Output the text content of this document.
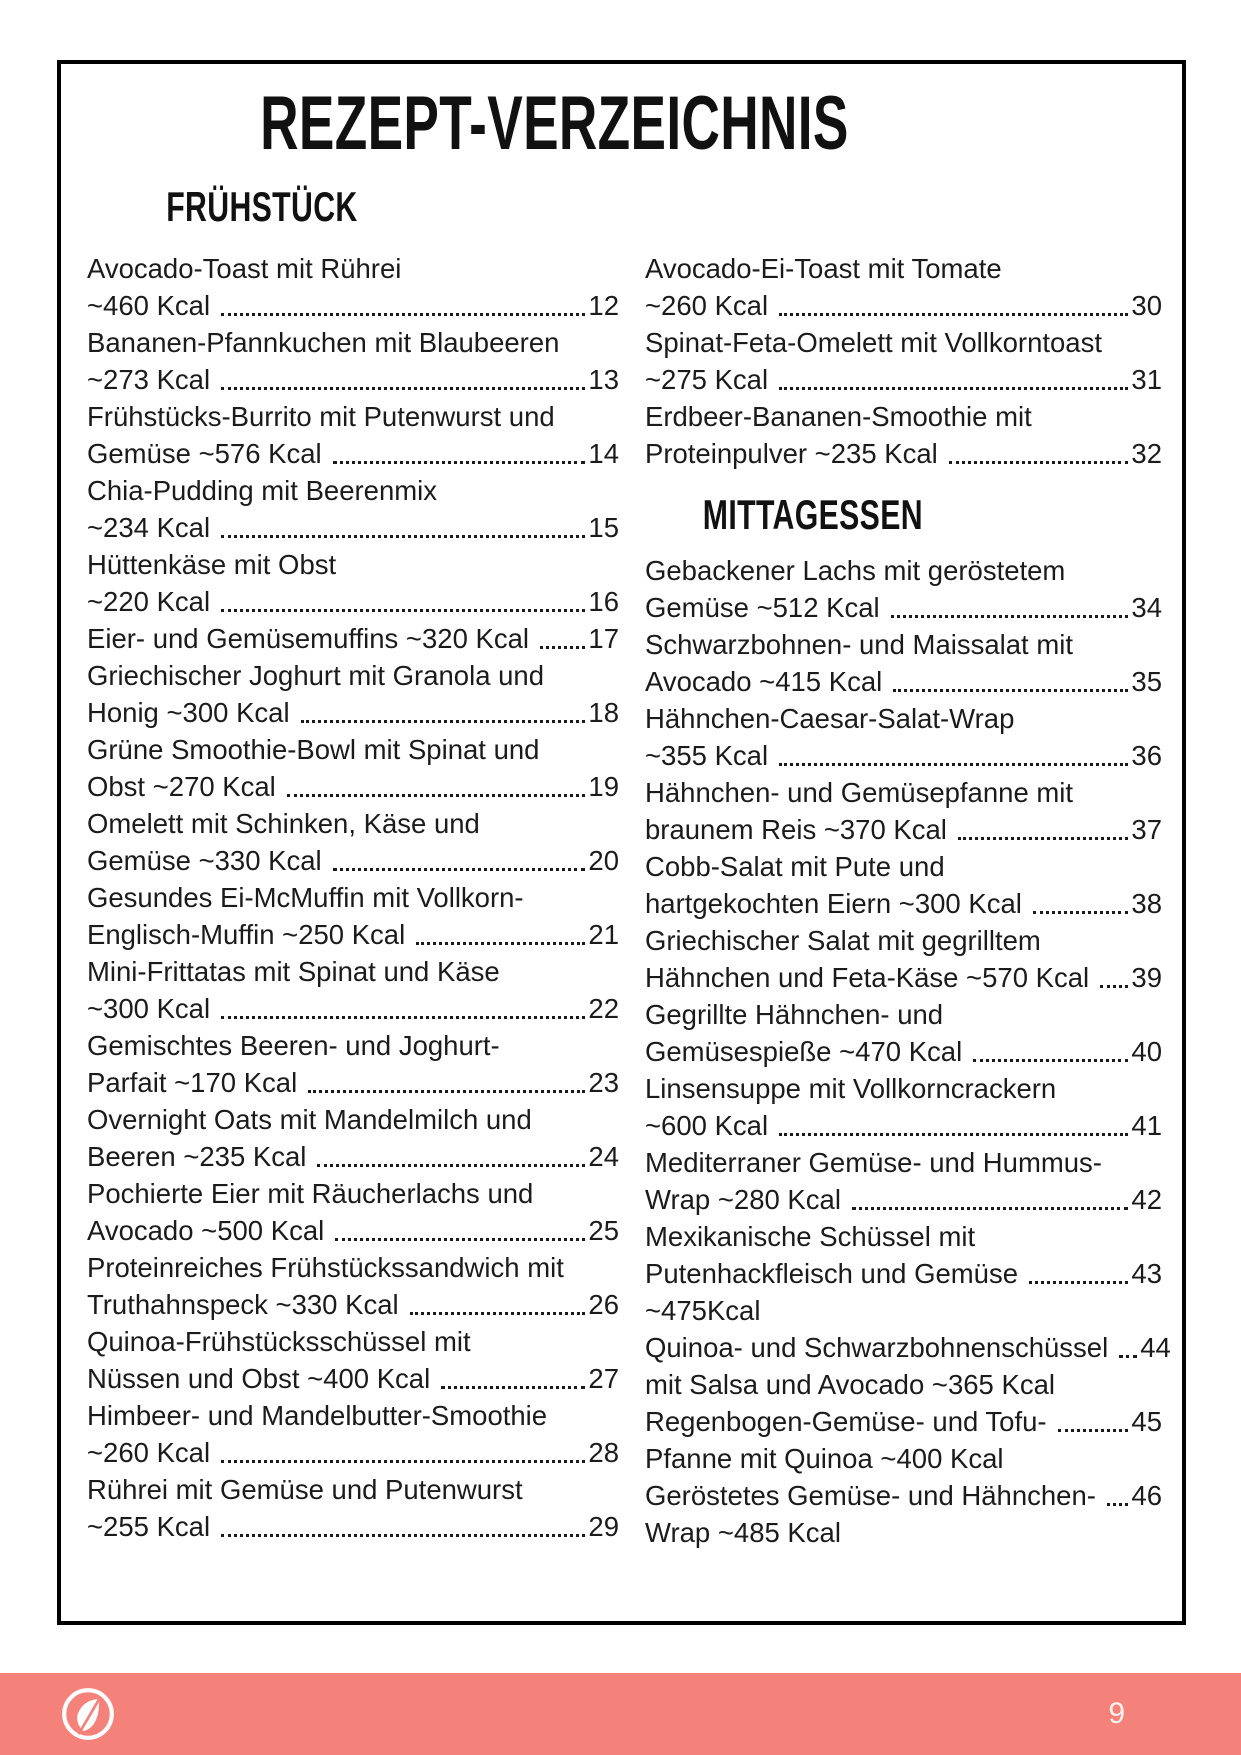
REZEPT-VERZEICHNIS
FRÜHSTÜCK
Avocado-Toast mit Rührei
~460 Kcal	12
Bananen-Pfannkuchen mit Blaubeeren
~273 Kcal	13
Frühstücks-Burrito mit Putenwurst und
Gemüse ~576 Kcal	14
Chia-Pudding mit Beerenmix
~234 Kcal	15
Hüttenkäse mit Obst
~220 Kcal	16
Eier- und Gemüsemuffins ~320 Kcal 17
Griechischer Joghurt mit Granola und
Honig ~300 Kcal	18
Grüne Smoothie-Bowl mit Spinat und
Obst ~270 Kcal	19
Omelett mit Schinken, Käse und
Gemüse ~330 Kcal	20
Gesundes Ei-McMuffin mit Vollkorn-
Englisch-Muffin ~250 Kcal	21
Mini-Frittatas mit Spinat und Käse
~300 Kcal	22
Gemischtes Beeren- und Joghurt-
Parfait ~170 Kcal	23
Overnight Oats mit Mandelmilch und
Beeren ~235 Kcal	24
Pochierte Eier mit Räucherlachs und
Avocado ~500 Kcal	25
Proteinreiches Frühstückssandwich mit
Truthahnspeck ~330 Kcal	26
Quinoa-Frühstücksschüssel mit
Nüssen und Obst ~400 Kcal	27
Himbeer- und Mandelbutter-Smoothie
~260 Kcal	28
Rührei mit Gemüse und Putenwurst
~255 Kcal	29
Avocado-Ei-Toast mit Tomate
~260 Kcal	30
Spinat-Feta-Omelett mit Vollkorntoast
~275 Kcal	31
Erdbeer-Bananen-Smoothie mit
Proteinpulver ~235 Kcal	32
MITTAGESSEN
Gebackener Lachs mit geröstetem
Gemüse ~512 Kcal	34
Schwarzbohnen- und Maissalat mit
Avocado ~415 Kcal	35
Hähnchen-Caesar-Salat-Wrap
~355 Kcal	36
Hähnchen- und Gemüsepfanne mit
braunem Reis ~370 Kcal	37
Cobb-Salat mit Pute und
hartgekochten Eiern ~300 Kcal	38
Griechischer Salat mit gegrilltem
Hähnchen und Feta-Käse ~570 Kcal 39
Gegrillte Hähnchen- und
Gemüsespieße ~470 Kcal	40
Linsensuppe mit Vollkorncrackern
~600 Kcal	41
Mediterraner Gemüse- und Hummus-
Wrap ~280 Kcal	42
Mexikanische Schüssel mit
Putenhackfleisch und Gemüse	43
~475Kcal
Quinoa- und Schwarzbohnenschüssel 44
mit Salsa und Avocado ~365 Kcal
Regenbogen-Gemüse- und Tofu-	45
Pfanne mit Quinoa ~400 Kcal
Geröstetes Gemüse- und Hähnchen- 46
Wrap ~485 Kcal
9
